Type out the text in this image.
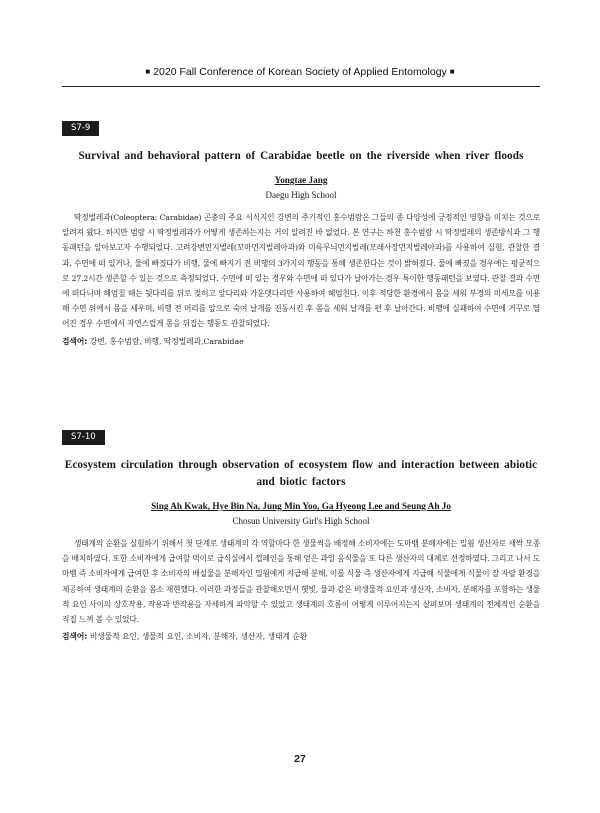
■ 2020 Fall Conference of Korean Society of Applied Entomology ■
S7-9
Survival and behavioral pattern of Carabidae beetle on the riverside when river floods
Yongtae Jang
Daegu High School

딱정벌레과(Coleoptera: Carabidae) 곤충의 주요 서식지인 강변의 주기적인 홍수범람은 그들의 종 다양성에 긍정적인 영향을 미치는 것으로 알려져 왔다. 하지만 범람 시 딱정벌레과가 어떻게 생존하는지는 거의 알려진 바 없었다. 본 연구는 하천 홍수범람 시 딱정벌레의 생존방식과 그 행동패턴을 알아보고자 수행되었다. 고려강변먼지벌레(꼬마먼지벌레아과)와 미륵무늬먼지벌레(모래사장먼지벌레아과)를 사용하여 실험, 관찰한 결과, 수면에 떠 있거나, 물에 빠졌다가 비행, 물에 빠지기 전 비행의 3가지의 행동을 통해 생존한다는 것이 밝혀졌다. 물에 빠졌을 경우에는 평균적으로 27.2시간 생존할 수 있는 것으로 측정되었다. 수면에 떠 있는 경우와 수면에 떠 있다가 날아가는 경우 특이한 행동패턴을 보였다. 관찰 결과 수면에 떠다니며 헤엄칠 때는 뒷다리를 뒤로 젖히고 앞다리와 가운뎃다리만 사용하여 헤엄친다. 이후 적당한 환경에서 몸을 세워 부경의 미세모를 이용해 수면 위에서 몸을 세우며, 비행 전 머리를 앞으로 숙여 날개를 진동시킨 후 몸을 세워 날개를 편 후 날아간다. 비행에 실패하여 수면에 거꾸로 떨어진 경우 수면에서 자연스럽게 몸을 뒤집는 행동도 관찰되었다.

검색어: 강변, 홍수범람, 비행, 딱정벌레과,Carabidae
S7-10
Ecosystem circulation through observation of ecosystem flow and interaction between abiotic and biotic factors
Sing Ah Kwak, Hye Bin Na, Jung Min Yoo, Ga Hyeong Lee and Seung Ah Jo
Chosun University Girl's High School

생태계의 순환을 실험하기 위해서 첫 단계로 생태계의 각 역할마다 한 생물씩을 배정해 소비자에는 도마뱀 분해자에는 밀웜 생산자로 새싹 모종을 배치하였다. 또한 소비자에게 급여할 먹이로 급식실에서 껍페인을 통해 얻은 과일 음식물을 또 다른 생산자의 대체로 선정하였다. 그리고 나서 도마뱀 즉 소비자에게 급여한 후 소비자의 배설물을 분해자인 밀웜에게 지급해 분해, 이를 식물 즉 생산자에게 지급해 식물에게 식물이 잘 자랄 환경을 제공하여 생태계의 순환을 몸소 재현했다. 이러한 과정들을 관찰해오면서 햇빛, 물과 같은 비생물적 요인과 생산자, 소비자, 분해자를 포함하는 생물적 요인 사이의 상호작용, 작용과 반작용을 자세하게 파악할 수 있었고 생태계의 흐름이 어떻게 이루어지는지 살펴보며 생태계의 전체적인 순환을 직접 느껴 볼 수 있었다.

검색어: 비생물적 요인, 생물적 요인, 소비자, 분해자, 생산자, 생태계 순환
27
